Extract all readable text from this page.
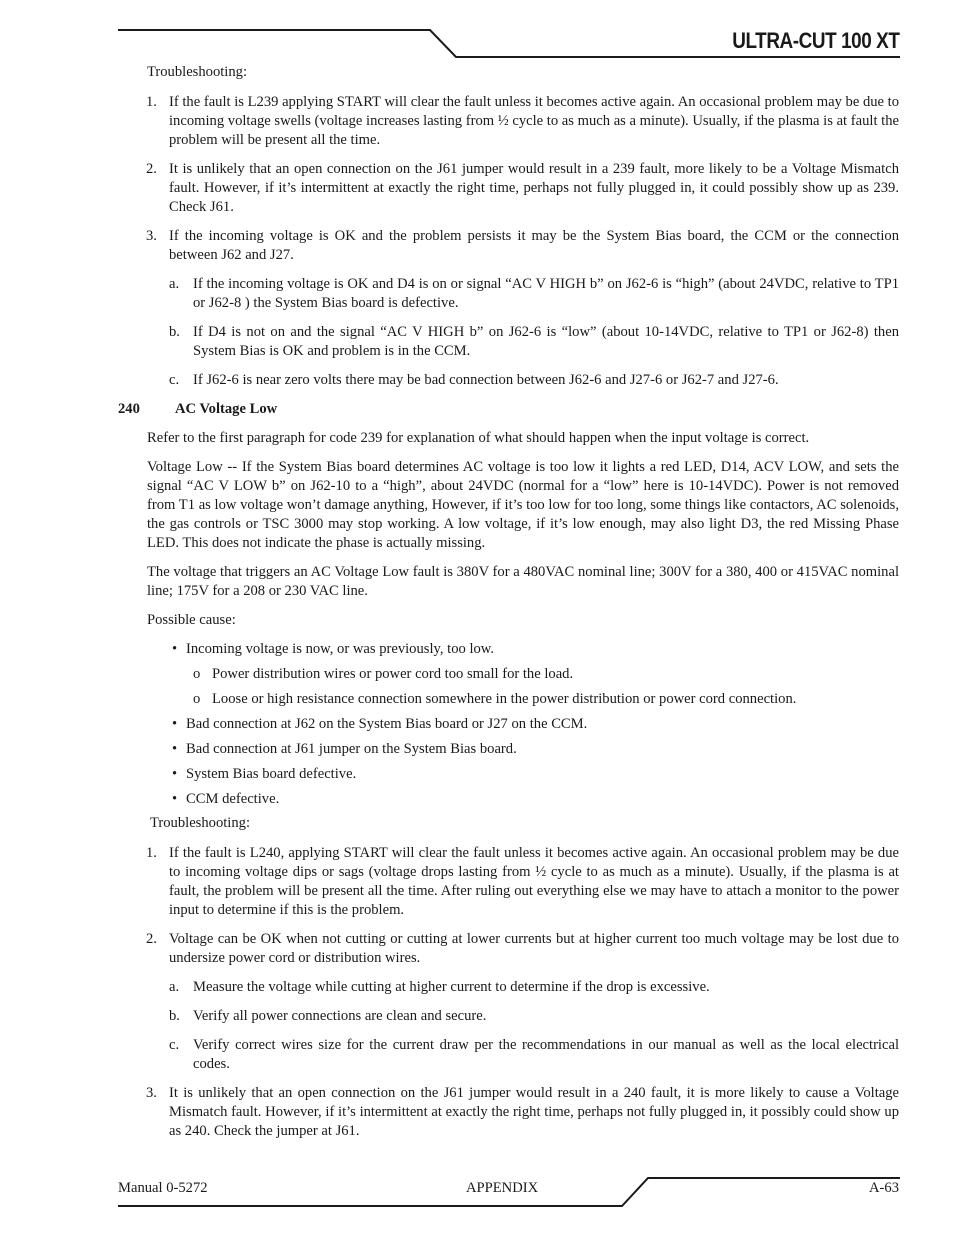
ULTRA-CUT 100 XT

Troubleshooting:

1. If the fault is L239 applying START will clear the fault unless it becomes active again. An occasional problem may be due to incoming voltage swells (voltage increases lasting from ½ cycle to as much as a minute). Usually, if the plasma is at fault the problem will be present all the time.

2. It is unlikely that an open connection on the J61 jumper would result in a 239 fault, more likely to be a Voltage Mismatch fault. However, if it’s intermittent at exactly the right time, perhaps not fully plugged in, it could possibly show up as 239. Check J61.

3. If the incoming voltage is OK and the problem persists it may be the System Bias board, the CCM or the connection between J62 and J27.

a. If the incoming voltage is OK and D4 is on or signal “AC V HIGH b” on J62-6 is “high” (about 24VDC, relative to TP1 or J62-8 ) the System Bias board is defective.

b. If D4 is not on and the signal “AC V HIGH b” on J62-6 is “low” (about 10-14VDC, relative to TP1 or J62-8) then System Bias is OK and problem is in the CCM.

c. If J62-6 is near zero volts there may be bad connection between J62-6 and J27-6 or J62-7 and J27-6.

240 AC Voltage Low

Refer to the first paragraph for code 239 for explanation of what should happen when the input voltage is correct.

Voltage Low -- If the System Bias board determines AC voltage is too low it lights a red LED, D14, ACV LOW, and sets the signal “AC V LOW b” on J62-10 to a “high”, about 24VDC (normal for a “low” here is 10-14VDC). Power is not removed from T1 as low voltage won’t damage anything, However, if it’s too low for too long, some things like contactors, AC solenoids, the gas controls or TSC 3000 may stop working. A low voltage, if it’s low enough, may also light D3, the red Missing Phase LED. This does not indicate the phase is actually missing.

The voltage that triggers an AC Voltage Low fault is 380V for a 480VAC nominal line; 300V for a 380, 400 or 415VAC nominal line; 175V for a 208 or 230 VAC line.

Possible cause:

• Incoming voltage is now, or was previously, too low.

o Power distribution wires or power cord too small for the load.

o Loose or high resistance connection somewhere in the power distribution or power cord connection.

• Bad connection at J62 on the System Bias board or J27 on the CCM.

• Bad connection at J61 jumper on the System Bias board.

• System Bias board defective.

• CCM defective.

Troubleshooting:

1. If the fault is L240, applying START will clear the fault unless it becomes active again. An occasional problem may be due to incoming voltage dips or sags (voltage drops lasting from ½ cycle to as much as a minute). Usually, if the plasma is at fault, the problem will be present all the time. After ruling out everything else we may have to attach a monitor to the power input to determine if this is the problem.

2. Voltage can be OK when not cutting or cutting at lower currents but at higher current too much voltage may be lost due to undersize power cord or distribution wires.

a. Measure the voltage while cutting at higher current to determine if the drop is excessive.

b. Verify all power connections are clean and secure.

c. Verify correct wires size for the current draw per the recommendations in our manual as well as the local electrical codes.

3. It is unlikely that an open connection on the J61 jumper would result in a 240 fault, it is more likely to cause a Voltage Mismatch fault. However, if it’s intermittent at exactly the right time, perhaps not fully plugged in, it possibly could show up as 240. Check the jumper at J61.

Manual 0-5272	APPENDIX	A-63
